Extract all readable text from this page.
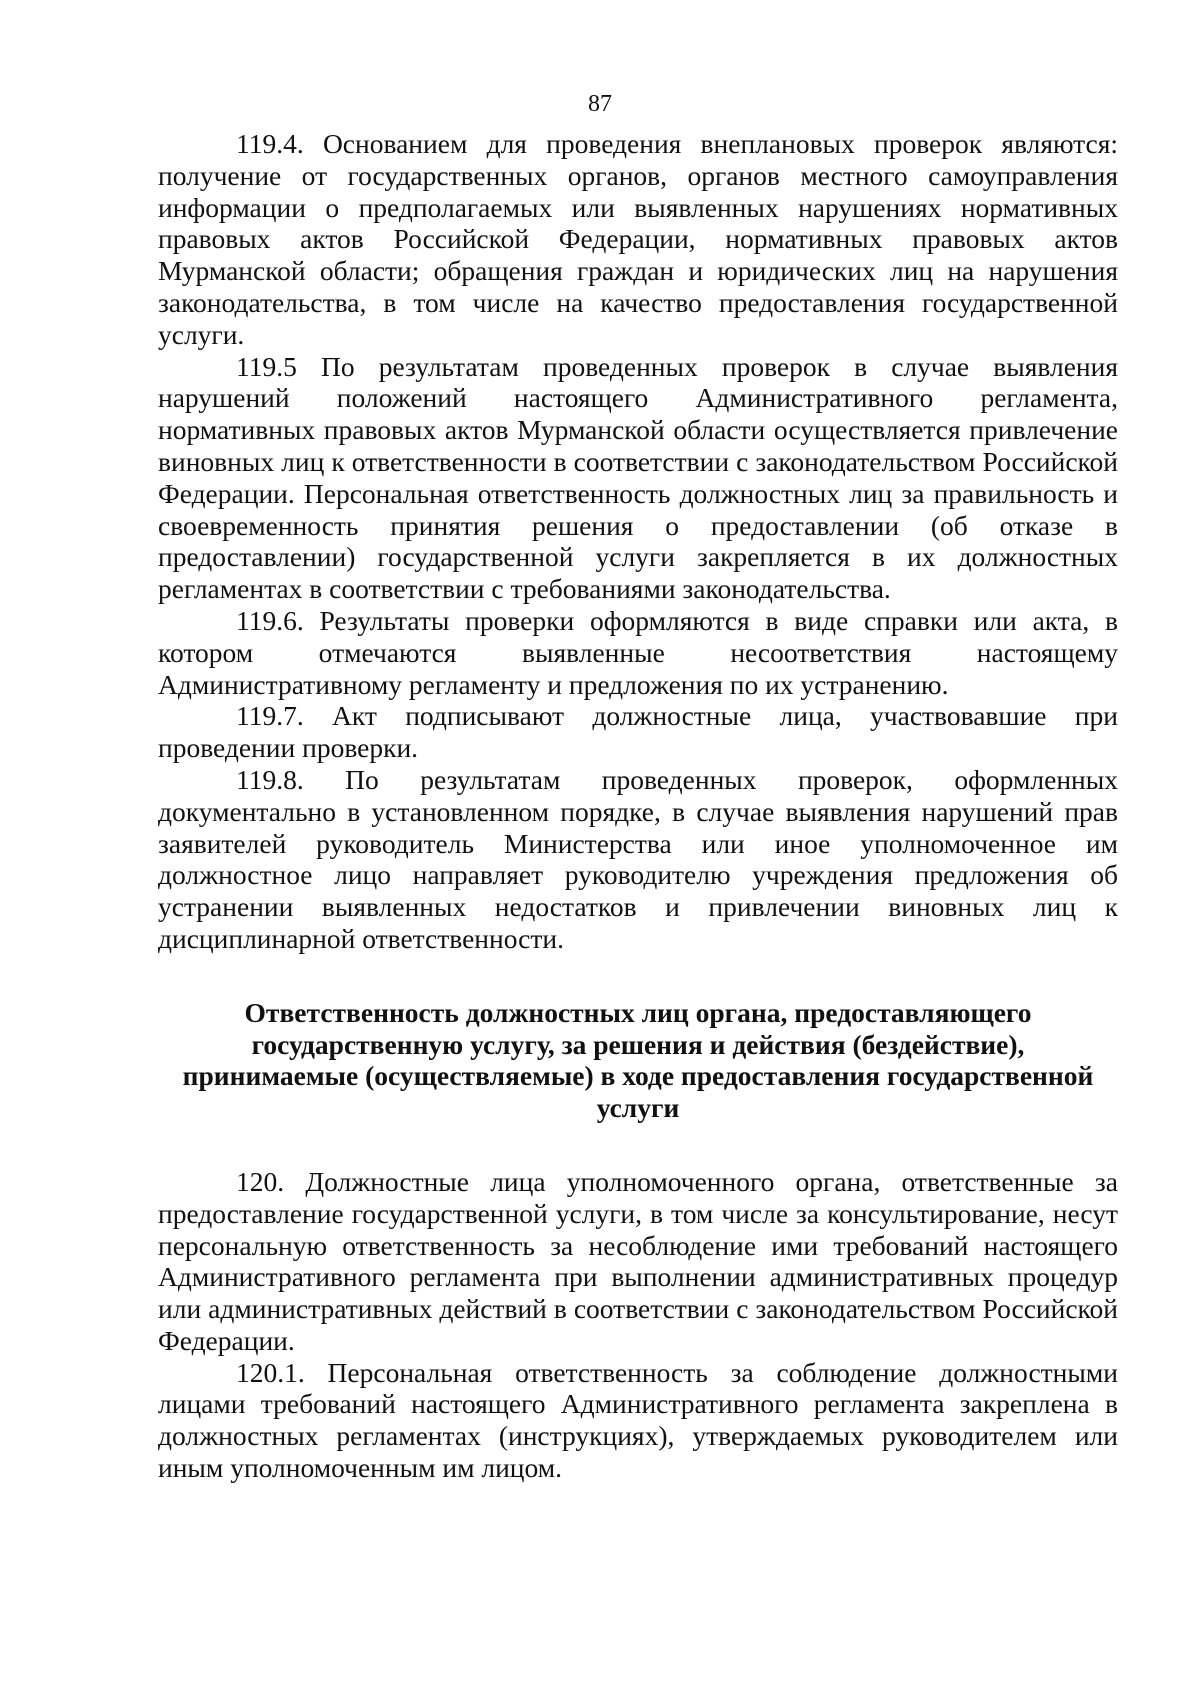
87

119.4. Основанием для проведения внеплановых проверок являются: получение от государственных органов, органов местного самоуправления информации о предполагаемых или выявленных нарушениях нормативных правовых актов Российской Федерации, нормативных правовых актов Мурманской области; обращения граждан и юридических лиц на нарушения законодательства, в том числе на качество предоставления государственной услуги.

119.5 По результатам проведенных проверок в случае выявления нарушений положений настоящего Административного регламента, нормативных правовых актов Мурманской области осуществляется привлечение виновных лиц к ответственности в соответствии с законодательством Российской Федерации. Персональная ответственность должностных лиц за правильность и своевременность принятия решения о предоставлении (об отказе в предоставлении) государственной услуги закрепляется в их должностных регламентах в соответствии с требованиями законодательства.

119.6. Результаты проверки оформляются в виде справки или акта, в котором отмечаются выявленные несоответствия настоящему Административному регламенту и предложения по их устранению.

119.7. Акт подписывают должностные лица, участвовавшие при проведении проверки.

119.8. По результатам проведенных проверок, оформленных документально в установленном порядке, в случае выявления нарушений прав заявителей руководитель Министерства или иное уполномоченное им должностное лицо направляет руководителю учреждения предложения об устранении выявленных недостатков и привлечении виновных лиц к дисциплинарной ответственности.

Ответственность должностных лиц органа, предоставляющего государственную услугу, за решения и действия (бездействие), принимаемые (осуществляемые) в ходе предоставления государственной услуги

120. Должностные лица уполномоченного органа, ответственные за предоставление государственной услуги, в том числе за консультирование, несут персональную ответственность за несоблюдение ими требований настоящего Административного регламента при выполнении административных процедур или административных действий в соответствии с законодательством Российской Федерации.

120.1. Персональная ответственность за соблюдение должностными лицами требований настоящего Административного регламента закреплена в должностных регламентах (инструкциях), утверждаемых руководителем или иным уполномоченным им лицом.
